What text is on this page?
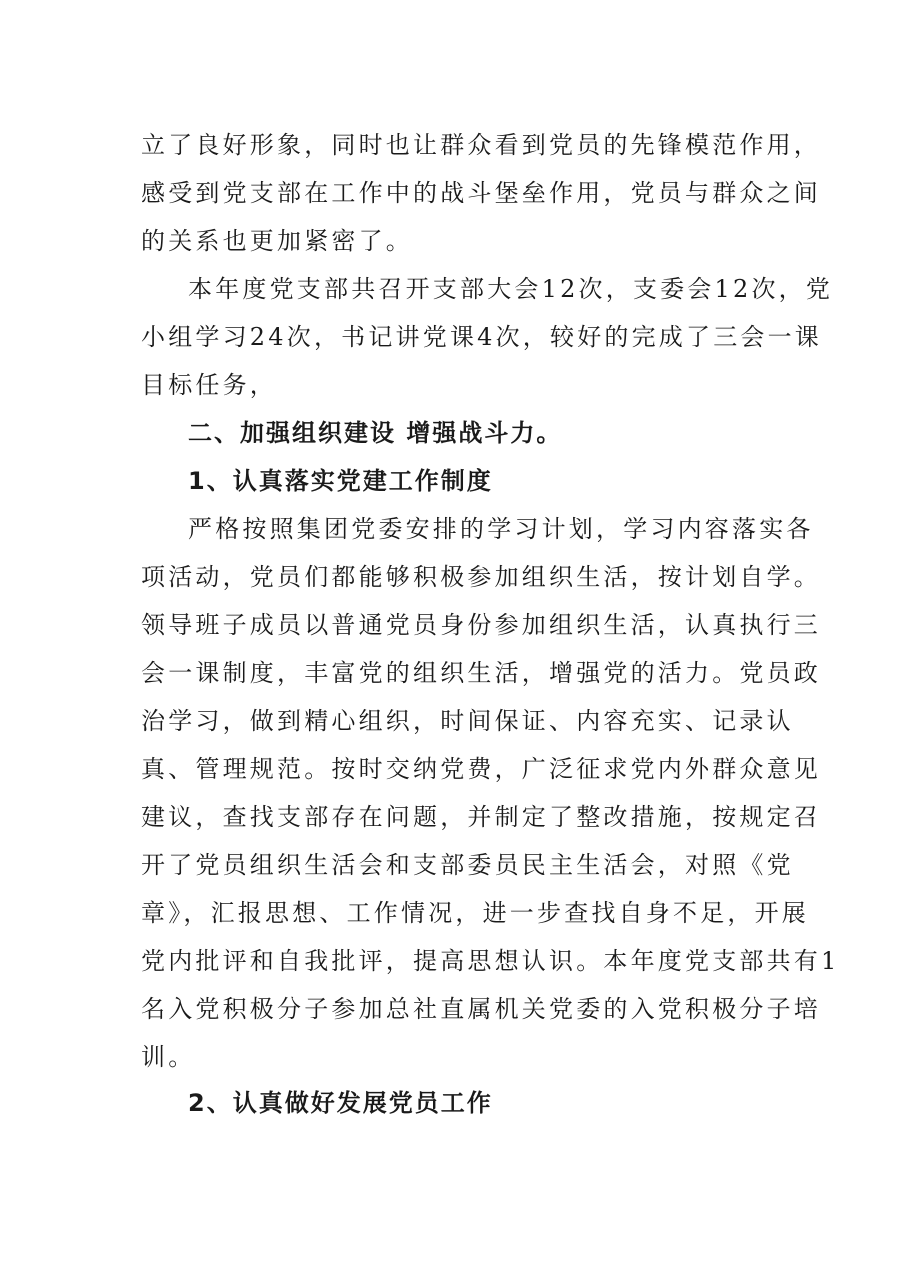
立了良好形象，同时也让群众看到党员的先锋模范作用，
感受到党支部在工作中的战斗堡垒作用，党员与群众之间
的关系也更加紧密了。
本年度党支部共召开支部大会12次，支委会12次，党
小组学习24次，书记讲党课4次，较好的完成了三会一课
目标任务，
二、加强组织建设 增强战斗力。
1、认真落实党建工作制度
严格按照集团党委安排的学习计划，学习内容落实各
项活动，党员们都能够积极参加组织生活，按计划自学。
领导班子成员以普通党员身份参加组织生活，认真执行三
会一课制度，丰富党的组织生活，增强党的活力。党员政
治学习，做到精心组织，时间保证、内容充实、记录认
真、管理规范。按时交纳党费，广泛征求党内外群众意见
建议，查找支部存在问题，并制定了整改措施，按规定召
开了党员组织生活会和支部委员民主生活会，对照《党
章》，汇报思想、工作情况，进一步查找自身不足，开展
党内批评和自我批评，提高思想认识。本年度党支部共有1
名入党积极分子参加总社直属机关党委的入党积极分子培
训。
2、认真做好发展党员工作
